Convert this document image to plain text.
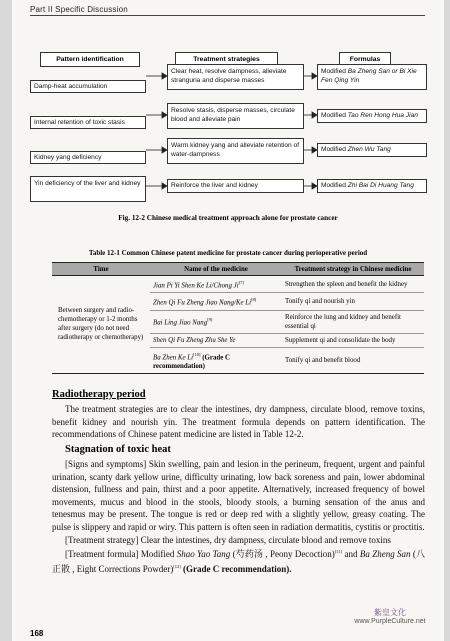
Part II Specific Discussion
Pattern identification	Treatment strategies	Formulas
Damp-heat accumulation
Clear heat, resolve dampness, alleviate stranguria and disperse masses
Modified Ba Zheng San or Bi Xie Fen Qing Yin
Internal retention of toxic stasis
Resolve stasis, disperse masses, circulate blood and alleviate pain
Modified Tao Ren Hong Hua Jian
Kidney yang deficiency
Warm kidney yang and alleviate retention of water-dampness
Modified Zhen Wu Tang
Yin deficiency of the liver and kidney	Reinforce the liver and kidney	Modified Zhi Bai Di Huang Tang
Fig. 12-2 Chinese medical treatment approach alone for prostate cancer
Table 12-1 Common Chinese patent medicine for prostate cancer during perioperative period
Time	Name of the medicine	Treatment strategy in Chinese medicine
Between surgery and radio-chemotherapy or 1-2 months after surgery (do not need radiotherapy or chemotherapy)	Jian Pi Yi Shen Ke Li/Chong Ji[7]	Strengthen the spleen and benefit the kidney
	Zhen Qi Fu Zheng Jiao Nang/Ke Li[8]	Tonify qi and nourish yin
	Bai Ling Jiao Nang[9]	Reinforce the lung and kidney and benefit essential qi
	Shen Qi Fu Zheng Zhu She Ye	Supplement qi and consolidate the body
	Ba Zhen Ke Li[10] (Grade C recommendation)	Tonify qi and benefit blood
Radiotherapy period

The treatment strategies are to clear the intestines, dry dampness, circulate blood, remove toxins, benefit kidney and nourish yin. The treatment formula depends on pattern identification. The recommendations of Chinese patent medicine are listed in Table 12-2.

Stagnation of toxic heat

[Signs and symptoms] Skin swelling, pain and lesion in the perineum, frequent, urgent and painful urination, scanty dark yellow urine, difficulty urinating, low back soreness and pain, lower abdominal distension, fullness and pain, thirst and a poor appetite. Alternatively, increased frequency of bowel movements, mucus and blood in the stools, bloody stools, a burning sensation of the anus and tenesmus may be present. The tongue is red or deep red with a slightly yellow, greasy coating. The pulse is slippery and rapid or wiry. This pattern is often seen in radiation dermatitis, cystitis or proctitis.

[Treatment strategy] Clear the intestines, dry dampness, circulate blood and remove toxins

[Treatment formula] Modified Shao Yao Tang (芍药汤 , Peony Decoction)[11] and Ba Zheng San (八正散 , Eight Corrections Powder)[12] (Grade C recommendation).

168
紫皇文化
www.PurpleCulture.net
